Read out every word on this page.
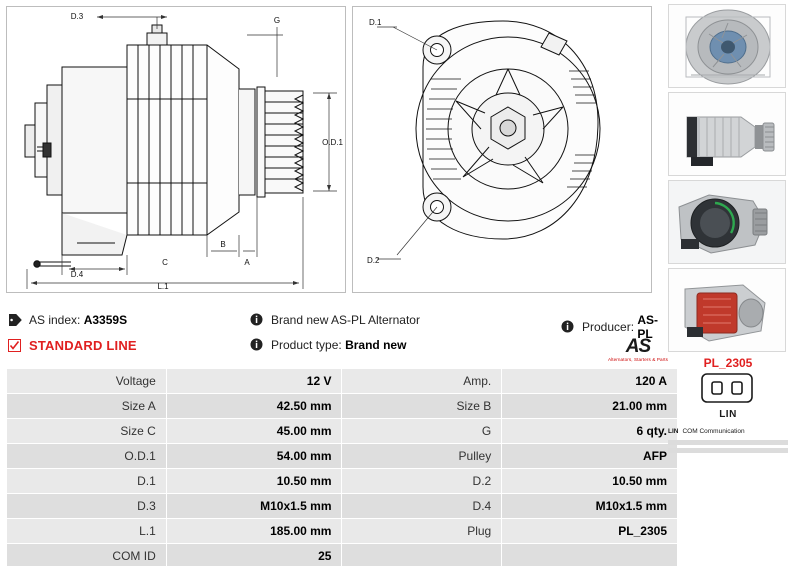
D.3	G
O.D.1
D.4
C
B
A
L.1
D.1
D.2
AS index:
A3359S
STANDARD LINE
Brand new AS-PL Alternator
Product type:
Brand new
Producer:
AS-PL
AS
Alternators, Starters & Parts
Voltage	12 V	Amp.	120 A
Size A	42.50 mm	Size B	21.00 mm
Size C	45.00 mm	G	6 qty.
O.D.1	54.00 mm	Pulley	AFP
D.1	10.50 mm	D.2	10.50 mm
D.3	M10x1.5 mm	D.4	M10x1.5 mm
L.1	185.00 mm	Plug	PL_2305
COM ID	25		
PL_2305
LIN
LIN COM Communication
